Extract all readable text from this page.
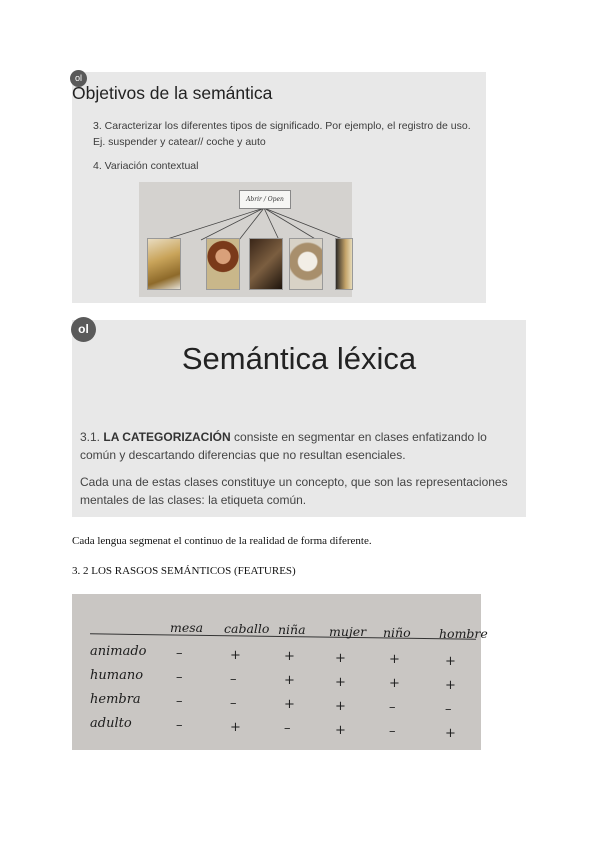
ol
Objetivos de la semántica
3. Caracterizar los diferentes tipos de significado. Por ejemplo, el registro de uso. Ej. suspender y catear// coche y auto
4. Variación contextual
Abrir / Open
ol
Semántica léxica
3.1. LA CATEGORIZACIÓN consiste en segmentar en clases enfatizando lo común y descartando diferencias que no resultan esenciales.
Cada una de estas clases constituye un concepto, que son las representaciones mentales de las clases: la etiqueta común.
Cada lengua segmenat el continuo de la realidad de forma diferente.
3. 2 LOS RASGOS SEMÁNTICOS (FEATURES)
mesa caballo niña mujer niño hombre
animado –	+	+	+	+	+
humano	–	–	+	+	+	+
hembra	–	–	+	+	–	–
adulto	–	+	–	+	–	+
